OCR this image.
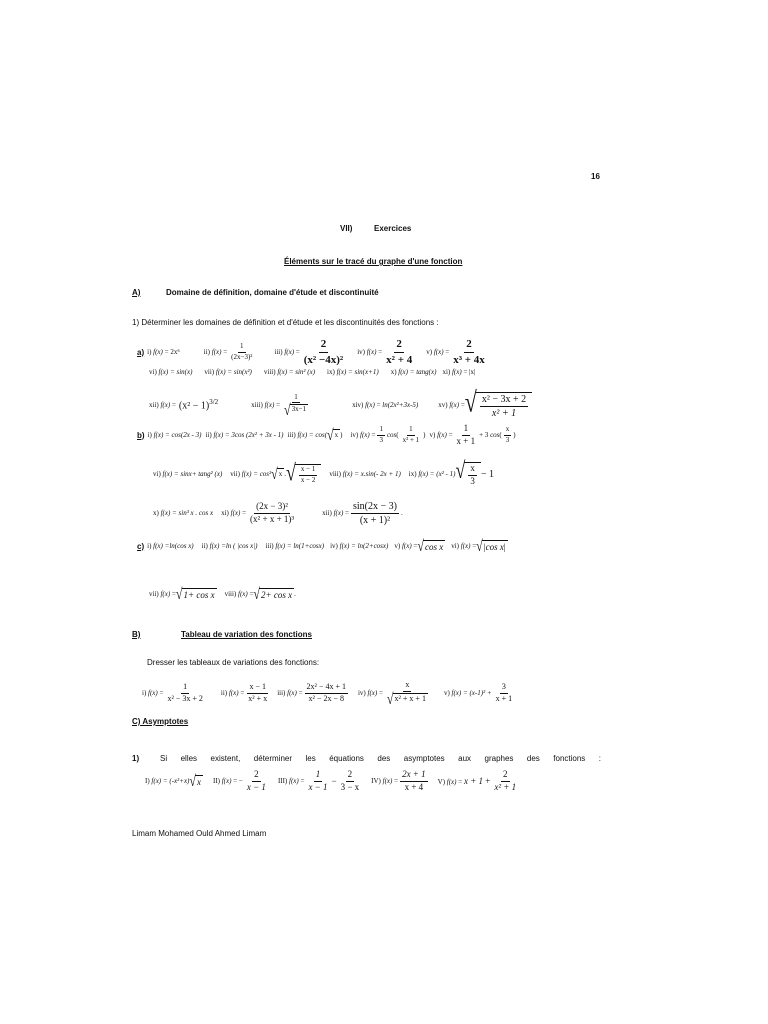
16
VII)	Exercices
Éléments sur le tracé du graphe d'une fonction
A)	Domaine de définition, domaine d'étude et discontinuité
1) Déterminer les domaines de définition et d'étude et les discontinuités des fonctions :
a) i) f(x) = 2x⁶	ii) $f(x) = \frac{1}{\text{(2x−3)²}}$	iii) $f(x) = \frac{2}{\text{(x² −4x)²}} iv$) $f(x) = \frac{2}{\text{x² + 4}} v$) $f(x) = \frac{2}{\text{x³ + 4x}}$
vi) f(x) = sin(x) vii) f(x) = sin(x²) viii) f(x) = sin² (x) ix) f(x) = sin(x+1) x) f(x) = tang(x) xi) f(x) = |x|
xii) $f(x) = (x^2 - 1)^{3/2}$	xiii) $f(x) = \frac{1}{√ 3x-1}$	xiv) f(x) = ln(2x²+3x-5)	xv) f(x) = √ $\frac{\text{x² − 3x + 2}}{\text{x² + 1}}$
b) i) f(x) = cos(2x - 3) ii) f(x) = 3cos (2x² + 3x - 1) iii) f(x) = cos( √ x ) iv) $f(x) = \frac{1}{3} \cos( \frac{1}{\text{x² + 1}}$ ) v) $f(x) = \frac{1}{x + 1} + 3$ $\cos( \frac{x}{3}$ )
vi) f(x) = sinx+ tang² (x) vii) f(x) = cos² √ x . √ $\frac{x - 1}{x - 2}$ viii) f(x) = x.sin(- 2x + 1) ix) f(x) = (x² - 1) √ $\frac{x}{3} - 1$
x) f(x) = sin³ x . cos x xi) $f(x) = \frac{\text{(2x − 3)²}}{\text{(x² + x + 1)³}}$	xii) $f(x) = \frac{\sin(2x - 3)}{\text{(x + 1)²}}$ .
c) i) f(x) =ln(cos x) ii) f(x) =ln ( |cos x|) iii) f(x) = ln(1+cosx) iv) f(x) = ln(2+cosx) v) f(x) = √ cos x vi) f(x) = √ |cos x|
vii) f(x) = √ 1+ cos x viii) f(x) = √ 2+ cos x .
B)	Tableau de variation des fonctions
Dresser les tableaux de variations des fonctions:
i) $f(x) = \frac{1}{\text{x² − 3x + 2}} ii$) $f(x) = \frac{x - 1}{\text{x² + x}} iii$) $f(x) = \frac{\text{2x² − 4x + 1}}{\text{x² − 2x − 8}} iv$) $f(x) = \frac{x}{\text{√ x² + x + 1}} v$) $f(x) = (x-1)^2 + \frac{3}{x + 1}$
C) Asymptotes
1)	Si elles existent, déterminer les équations des asymptotes aux graphes des fonctions :
I) f(x) = (-x²+x) √ x II) f(x) = − $\frac{2}{x - 1} III$) $f(x) = \frac{1}{x - 1} - \frac{2}{3 - x} IV$) $f(x) = \frac{2x + 1}{x + 4} V$) $f(x) = x + 1 + \frac{2}{\text{x² + 1}}$
Limam Mohamed Ould Ahmed Limam
